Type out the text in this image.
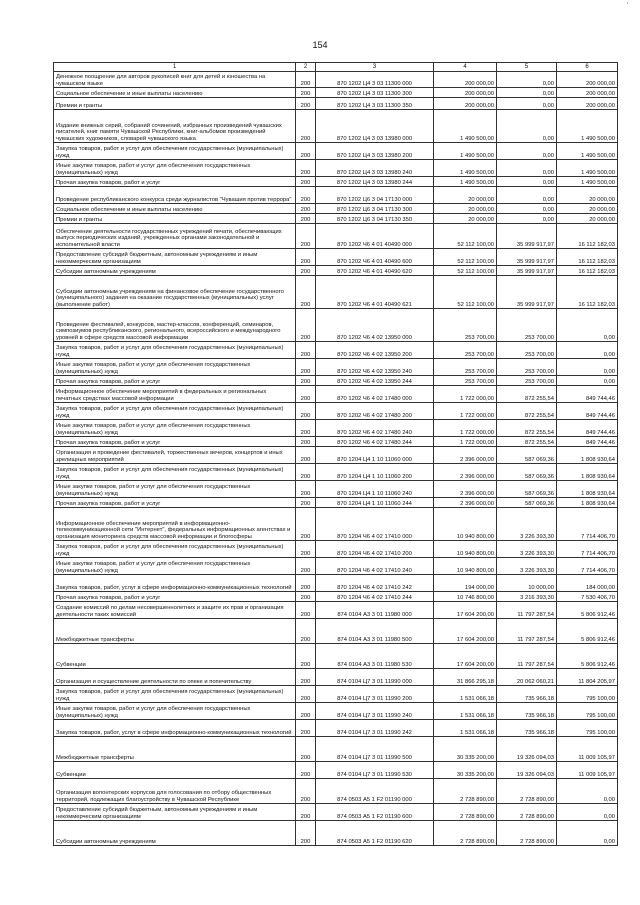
'
154
1	2	3	4	5	6
Денежное поощрение для авторов рукописей книг для детей и юношества на чувашском языке	200	870 1202 Ц4 3 03 11300 000	200 000,00	0,00	200 000,00
Социальное обеспечение и иные выплаты населению	200	870 1202 Ц4 3 03 11300 300	200 000,00	0,00	200 000,00
Премии и гранты	200	870 1202 Ц4 3 03 11300 350	200 000,00	0,00	200 000,00
Издание книжных серий, собраний сочинений, избранных произведений чувашских писателей, книг памяти Чувашской Республики, книг-альбомов произведений чувашских художников, словарей чувашского языка	200	870 1202 Ц4 3 03 13980 000	1 490 500,00	0,00	1 490 500,00
Закупка товаров, работ и услуг для обеспечения государственных (муниципальных) нужд	200	870 1202 Ц4 3 03 13980 200	1 490 500,00	0,00	1 490 500,00
Иные закупки товаров, работ и услуг для обеспечения государственных (муниципальных) нужд	200	870 1202 Ц4 3 03 13980 240	1 490 500,00	0,00	1 490 500,00
Прочая закупка товаров, работ и услуг	200	870 1202 Ц4 3 03 13980 244	1 490 500,00	0,00	1 490 500,00
Проведение республиканского конкурса среди журналистов "Чувашия против террора"	200	870 1202 Ц6 3 04 17130 000	20 000,00	0,00	20 000,00
Социальное обеспечение и иные выплаты населению	200	870 1202 Ц6 3 04 17130 300	20 000,00	0,00	20 000,00
Премии и гранты	200	870 1202 Ц6 3 04 17130 350	20 000,00	0,00	20 000,00
Обеспечение деятельности государственных учреждений печати, обеспечивающих выпуск периодических изданий, учрежденных органами законодательной и исполнительной власти	200	870 1202 Ч6 4 01 40490 000	52 112 100,00	35 999 917,97	16 112 182,03
Предоставление субсидий бюджетным, автономным учреждениям и иным некоммерческим организациям	200	870 1202 Ч6 4 01 40490 600	52 112 100,00	35 999 917,97	16 112 182,03
Субсидии автономным учреждениям	200	870 1202 Ч6 4 01 40490 620	52 112 100,00	35 999 917,97	16 112 182,03
Субсидии автономным учреждениям на финансовое обеспечение государственного (муниципального) задания на оказание государственных (муниципальных) услуг (выполнение работ)	200	870 1202 Ч6 4 01 40490 621	52 112 100,00	35 999 917,97	16 112 182,03
Проведение фестивалей, конкурсов, мастер-классов, конференций, семинаров, симпозиумов республиканского, регионального, всероссийского и международного уровней в сфере средств массовой информации	200	870 1202 Ч6 4 02 13950 000	253 700,00	253 700,00	0,00
Закупка товаров, работ и услуг для обеспечения государственных (муниципальных) нужд	200	870 1202 Ч6 4 02 13950 200	253 700,00	253 700,00	0,00
Иные закупки товаров, работ и услуг для обеспечения государственных (муниципальных) нужд	200	870 1202 Ч6 4 02 13950 240	253 700,00	253 700,00	0,00
Прочая закупка товаров, работ и услуг	200	870 1202 Ч6 4 02 13950 244	253 700,00	253 700,00	0,00
Информационное обеспечение мероприятий в федеральных и региональных печатных средствах массовой информации	200	870 1202 Ч6 4 02 17480 000	1 722 000,00	872 255,54	849 744,46
Закупка товаров, работ и услуг для обеспечения государственных (муниципальных) нужд	200	870 1202 Ч6 4 02 17480 200	1 722 000,00	872 255,54	849 744,46
Иные закупки товаров, работ и услуг для обеспечения государственных (муниципальных) нужд	200	870 1202 Ч6 4 02 17480 240	1 722 000,00	872 255,54	849 744,46
Прочая закупка товаров, работ и услуг	200	870 1202 Ч6 4 02 17480 244	1 722 000,00	872 255,54	849 744,46
Организация и проведение фестивалей, торжественных вечеров, концертов и иных зрелищных мероприятий	200	870 1204 Ц4 1 10 11060 000	2 396 000,00	587 069,36	1 808 930,64
Закупка товаров, работ и услуг для обеспечения государственных (муниципальных) нужд	200	870 1204 Ц4 1 10 11060 200	2 396 000,00	587 069,36	1 808 930,64
Иные закупки товаров, работ и услуг для обеспечения государственных (муниципальных) нужд	200	870 1204 Ц4 1 10 11060 240	2 396 000,00	587 069,36	1 808 930,64
Прочая закупка товаров, работ и услуг	200	870 1204 Ц4 1 10 11060 244	2 396 000,00	587 069,36	1 808 930,64
Информационное обеспечение мероприятий в информационно-телекоммуникационной сети "Интернет", федеральных информационных агентствах и организация мониторинга средств массовой информации и блогосферы	200	870 1204 Ч6 4 02 17410 000	10 940 800,00	3 226 393,30	7 714 406,70
Закупка товаров, работ и услуг для обеспечения государственных (муниципальных) нужд	200	870 1204 Ч6 4 02 17410 200	10 940 800,00	3 226 393,30	7 714 406,70
Иные закупки товаров, работ и услуг для обеспечения государственных (муниципальных) нужд	200	870 1204 Ч6 4 02 17410 240	10 940 800,00	3 226 393,30	7 714 406,70
Закупка товаров, работ, услуг в сфере информационно-коммуникационных технологий	200	870 1204 Ч6 4 02 17410 242	194 000,00	10 000,00	184 000,00
Прочая закупка товаров, работ и услуг	200	870 1204 Ч6 4 02 17410 244	10 746 800,00	3 216 393,30	7 530 406,70
Создание комиссий по делам несовершеннолетних и защите их прав и организация деятельности таких комиссий	200	874 0104 А3 3 01 11980 000	17 604 200,00	11 797 287,54	5 806 912,46
Межбюджетные трансферты	200	874 0104 А3 3 01 11980 500	17 604 200,00	11 797 287,54	5 806 912,46
Субвенции	200	874 0104 А3 3 01 11980 530	17 604 200,00	11 797 287,54	5 806 912,46
Организация и осуществление деятельности по опеке и попечительству	200	874 0104 Ц7 3 01 11990 000	31 866 295,18	20 062 060,21	11 804 205,97
Закупка товаров, работ и услуг для обеспечения государственных (муниципальных) нужд	200	874 0104 Ц7 3 01 11990 200	1 531 066,18	735 966,18	795 100,00
Иные закупки товаров, работ и услуг для обеспечения государственных (муниципальных) нужд	200	874 0104 Ц7 3 01 11990 240	1 531 066,18	735 966,18	795 100,00
Закупка товаров, работ, услуг в сфере информационно-коммуникационных технологий	200	874 0104 Ц7 3 01 11990 242	1 531 066,18	735 966,18	795 100,00
Межбюджетные трансферты	200	874 0104 Ц7 3 01 11990 500	30 335 200,00	19 326 094,03	11 009 105,97
Субвенции	200	874 0104 Ц7 3 01 11990 530	30 335 200,00	19 326 094,03	11 009 105,97
Организация волонтерских корпусов для голосования по отбору общественных территорий, подлежащих благоустройству в Чувашской Республике	200	874 0503 А5 1 F2 01190 000	2 728 890,00	2 728 890,00	0,00
Предоставление субсидий бюджетным, автономным учреждениям и иным некоммерческим организациям	200	874 0503 А5 1 F2 01190 600	2 728 890,00	2 728 890,00	0,00
Субсидии автономным учреждениям	200	874 0503 А5 1 F2 01190 620	2 728 890,00	2 728 890,00	0,00
